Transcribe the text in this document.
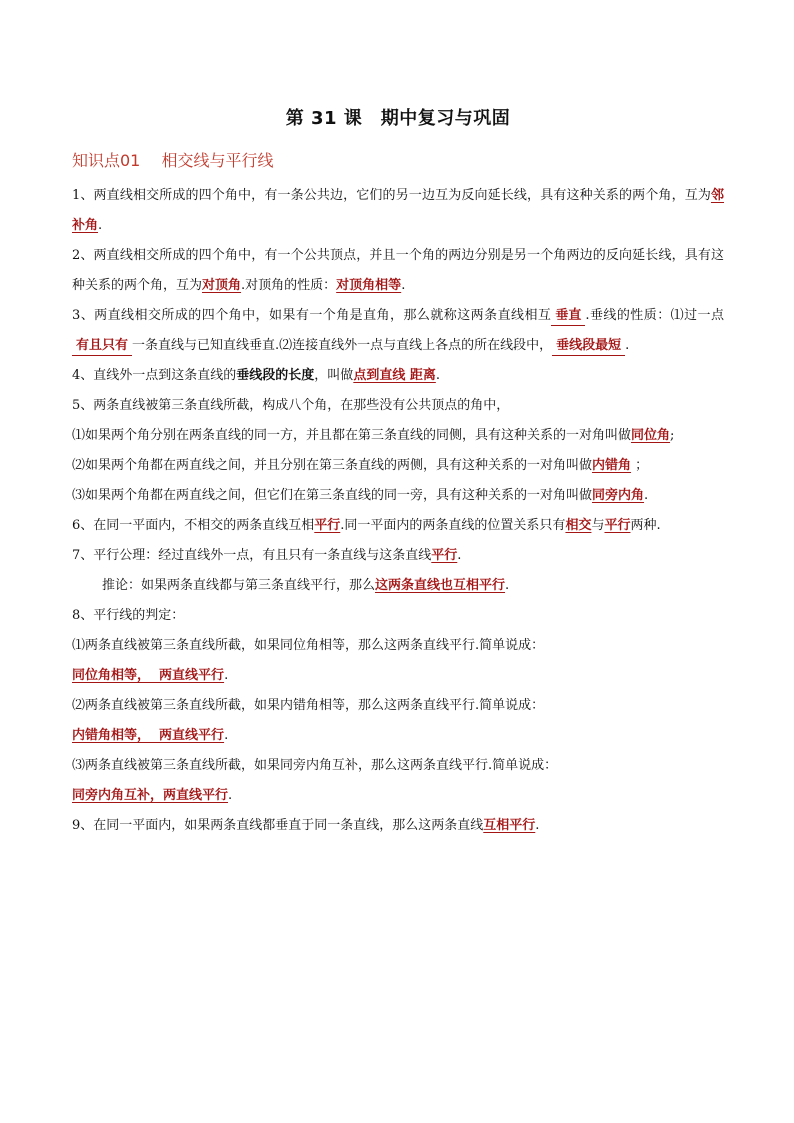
第 31 课　期中复习与巩固
知识点01　 相交线与平行线

1、两直线相交所成的四个角中，有一条公共边，它们的另一边互为反向延长线，具有这种关系的两个角，互为邻补角.

2、两直线相交所成的四个角中，有一个公共顶点，并且一个角的两边分别是另一个角两边的反向延长线，具有这种关系的两个角，互为对顶角.对顶角的性质：对顶角相等.

3、两直线相交所成的四个角中，如果有一个角是直角，那么就称这两条直线相互 垂直 .垂线的性质：⑴过一点有且只有 一条直线与已知直线垂直.⑵连接直线外一点与直线上各点的所在线段中， 垂线段最短 .

4、直线外一点到这条直线的垂线段的长度，叫做点到直线 距离.

5、两条直线被第三条直线所截，构成八个角，在那些没有公共顶点的角中，

⑴如果两个角分别在两条直线的同一方，并且都在第三条直线的同侧，具有这种关系的一对角叫做同位角;

⑵如果两个角都在两直线之间，并且分别在第三条直线的两侧，具有这种关系的一对角叫做内错角 ；

⑶如果两个角都在两直线之间，但它们在第三条直线的同一旁，具有这种关系的一对角叫做同旁内角.

6、在同一平面内，不相交的两条直线互相平行.同一平面内的两条直线的位置关系只有相交与平行两种.

7、平行公理：经过直线外一点，有且只有一条直线与这条直线平行.

推论：如果两条直线都与第三条直线平行，那么这两条直线也互相平行.

8、平行线的判定：

⑴两条直线被第三条直线所截，如果同位角相等，那么这两条直线平行.简单说成：

同位角相等，  两直线平行.

⑵两条直线被第三条直线所截，如果内错角相等，那么这两条直线平行.简单说成：

内错角相等，  两直线平行.

⑶两条直线被第三条直线所截，如果同旁内角互补，那么这两条直线平行.简单说成：

同旁内角互补，两直线平行.

9、在同一平面内，如果两条直线都垂直于同一条直线，那么这两条直线互相平行.
